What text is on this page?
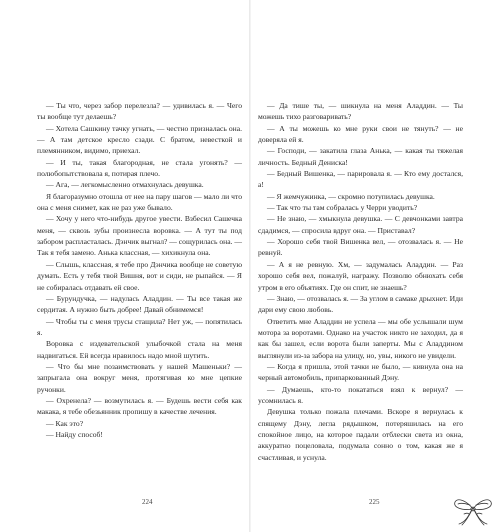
— Ты что, через забор перелезла? — удивилась я. — Чего ты вообще тут делаешь?

— Хотела Сашкину тачку угнать, — честно призналась она. — А там детское кресло сзади. С братом, невесткой и племянником, видимо, приехал.

— И ты, такая благородная, не стала угонять? — полюбопытствовала я, потирая плечо.

— Ага, — легкомысленно отмахнулась девушка.

Я благоразумно отошла от нее на пару шагов — мало ли что она с меня снимет, как не раз уже бывало.

— Хочу у него что-нибудь другое увести. Взбесил Сашечка меня, — сквозь зубы произнесла воровка. — А тут ты под забором распласталась. Дэнчик выгнал? — сощурилась она. — Так я тебя замено. Анька классная, — хихикнула она.

— Слышь, классная, я тебе про Дэнчика вообще не советую думать. Есть у тебя твой Вишня, вот и сиди, не рыпайся. — Я не собиралась отдавать ей свое.

— Бурундучка, — надулась Аладдин. — Ты все такая же сердитая. А нужно быть добрее! Давай обнимемся!

— Чтобы ты с меня трусы стащила? Нет уж, — попятилась я.

Воровка с издевательской улыбочкой стала на меня надвигаться. Ей всегда нравилось надо мной шутить.

— Что бы мне позаимствовать у нашей Машеньки? — запрыгала она вокруг меня, протягивая ко мне цепкие ручонки.

— Охренела? — возмутилась я. — Будешь вести себя как макака, я тебе обезьянник пропишу в качестве лечения.

— Как это?

— Найду способ!

224

— Да тише ты, — шикнула на меня Аладдин. — Ты можешь тихо разговаривать?

— А ты можешь ко мне руки свои не тянуть? — не доверяла ей я.

— Господи, — закатила глаза Анька, — какая ты тяжелая личность. Бедный Дениска!

— Бедный Вишенка, — парировала я. — Кто ему достался, а!

— Я жемчужинка, — скромно потупилась девушка.

— Так что ты там собралась у Черри уводить?

— Не знаю, — хмыкнула девушка. — С девчонками завтра сдадимся, — спросила вдруг она. — Приставал?

— Хорошо себя твой Вишенка вел, — отозвалась я. — Не ревнуй.

— А я не ревную. Хм, — задумалась Аладдин. — Раз хорошо себя вел, пожалуй, награжу. Позволю обнюхать себя утром в его объятиях. Где он спит, не знаешь?

— Знаю, — отозвалась я. — За углом в самаке дрыхнет. Иди дари ему свою любовь.

Ответить мне Аладдин не успела — мы обе услышали шум мотора за воротами. Однако на участок никто не заходил, да я как бы зашел, если ворота были заперты. Мы с Аладдином выглянули из-за забора на улицу, но, увы, никого не увидели.

— Когда я пришла, этой тачки не было, — кивнула она на черный автомобиль, припаркованный Дэну.

— Думаешь, кто-то покататься взял к вернул? — усомнилась я.

Девушка только пожала плечами. Вскоре я вернулась к спящему Дэну, легла рядышком, потеряшилась на его спокойное лицо, на которое падали отблески света из окна, аккуратно поцеловала, подумала сонно о том, какая же я счастливая, и уснула.

225
